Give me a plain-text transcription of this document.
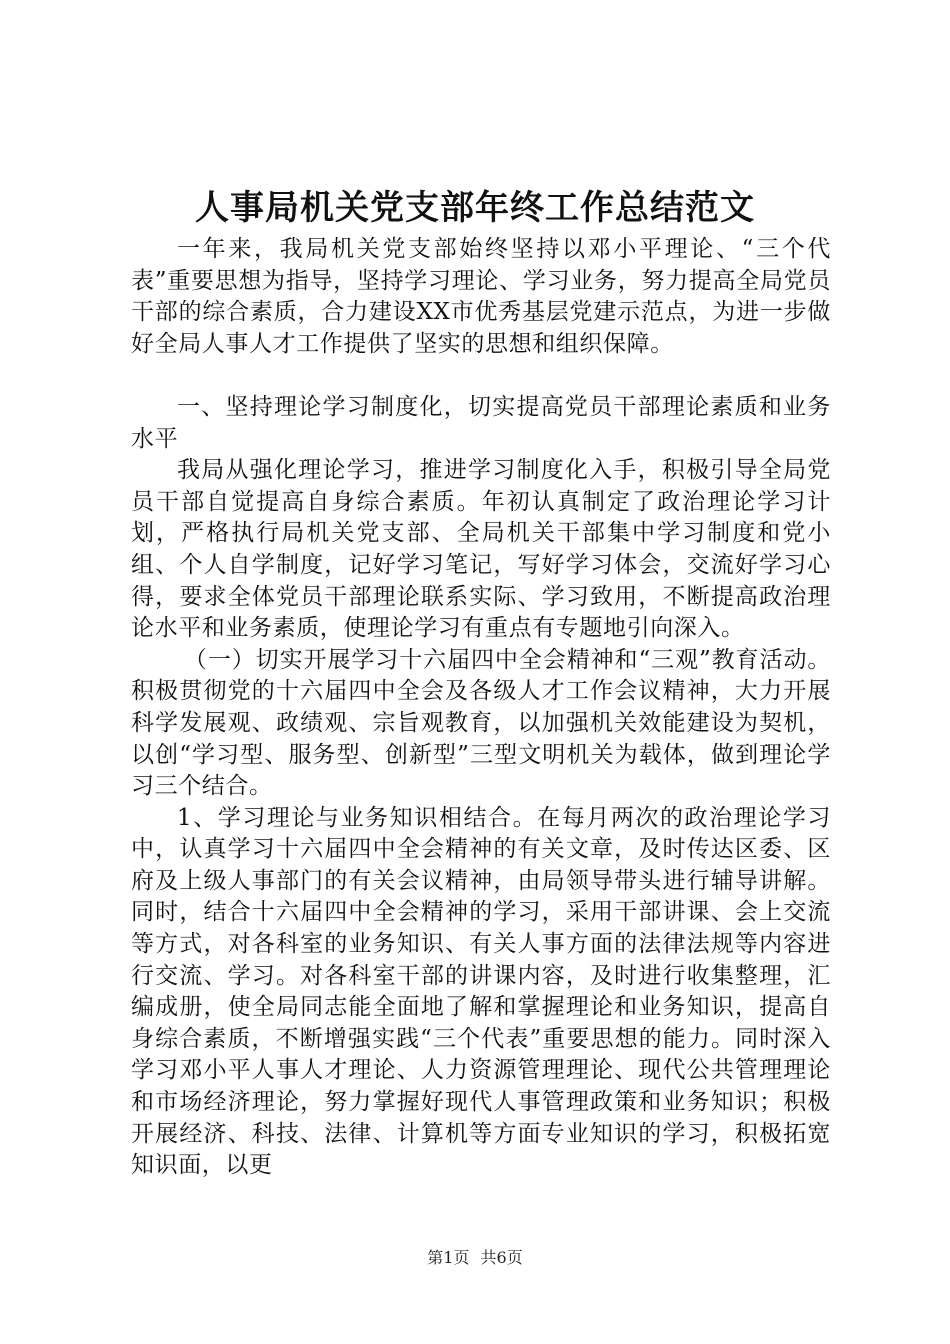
人事局机关党支部年终工作总结范文

一年来，我局机关党支部始终坚持以邓小平理论、“三个代表”重要思想为指导，坚持学习理论、学习业务，努力提高全局党员干部的综合素质，合力建设XX市优秀基层党建示范点，为进一步做好全局人事人才工作提供了坚实的思想和组织保障。

一、坚持理论学习制度化，切实提高党员干部理论素质和业务水平

我局从强化理论学习，推进学习制度化入手，积极引导全局党员干部自觉提高自身综合素质。年初认真制定了政治理论学习计划，严格执行局机关党支部、全局机关干部集中学习制度和党小组、个人自学制度，记好学习笔记，写好学习体会，交流好学习心得，要求全体党员干部理论联系实际、学习致用，不断提高政治理论水平和业务素质，使理论学习有重点有专题地引向深入。

（一）切实开展学习十六届四中全会精神和“三观”教育活动。积极贯彻党的十六届四中全会及各级人才工作会议精神，大力开展科学发展观、政绩观、宗旨观教育，以加强机关效能建设为契机，以创“学习型、服务型、创新型”三型文明机关为载体，做到理论学习三个结合。

1、学习理论与业务知识相结合。在每月两次的政治理论学习中，认真学习十六届四中全会精神的有关文章，及时传达区委、区府及上级人事部门的有关会议精神，由局领导带头进行辅导讲解。同时，结合十六届四中全会精神的学习，采用干部讲课、会上交流等方式，对各科室的业务知识、有关人事方面的法律法规等内容进行交流、学习。对各科室干部的讲课内容，及时进行收集整理，汇编成册，使全局同志能全面地了解和掌握理论和业务知识，提高自身综合素质，不断增强实践“三个代表”重要思想的能力。同时深入学习邓小平人事人才理论、人力资源管理理论、现代公共管理理论和市场经济理论，努力掌握好现代人事管理政策和业务知识；积极开展经济、科技、法律、计算机等方面专业知识的学习，积极拓宽知识面，以更

第1页 共6页
